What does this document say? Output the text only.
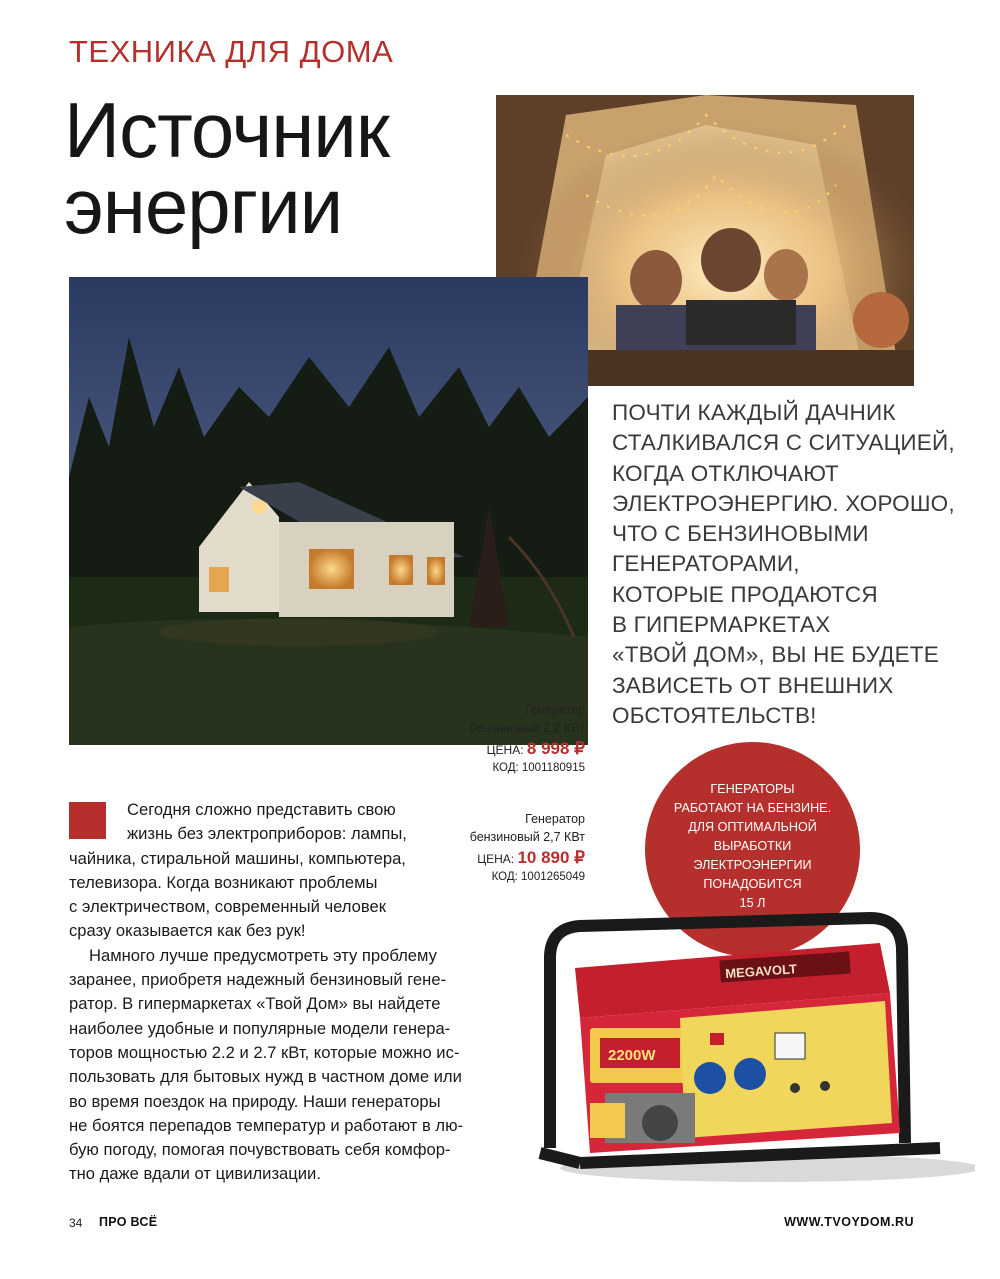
ТЕХНИКА ДЛЯ ДОМА
Источник
энергии
ПОЧТИ КАЖДЫЙ ДАЧНИК
СТАЛКИВАЛСЯ С СИТУАЦИЕЙ,
КОГДА ОТКЛЮЧАЮТ
ЭЛЕКТРОЭНЕРГИЮ. ХОРОШО,
ЧТО С БЕНЗИНОВЫМИ
ГЕНЕРАТОРАМИ,
КОТОРЫЕ ПРОДАЮТСЯ
В ГИПЕРМАРКЕТАХ
«ТВОЙ ДОМ», ВЫ НЕ БУДЕТЕ
ЗАВИСЕТЬ ОТ ВНЕШНИХ
ОБСТОЯТЕЛЬСТВ!
Генератор
бензиновый 2,2 КВт
ЦЕНА: 8 998 ₽
КОД: 1001180915
Генератор
бензиновый 2,7 КВт
ЦЕНА: 10 890 ₽
КОД: 1001265049
ГЕНЕРАТОРЫ
РАБОТАЮТ НА БЕНЗИНЕ.
ДЛЯ ОПТИМАЛЬНОЙ
ВЫРАБОТКИ
ЭЛЕКТРОЭНЕРГИИ
ПОНАДОБИТСЯ
15 Л
MEGAVOLT
2200W
Сегодня сложно представить свою
жизнь без электроприборов: лампы,
чайника, стиральной машины, компьютера,
телевизора. Когда возникают проблемы
с электричеством, современный человек
сразу оказывается как без рук!
Намного лучше предусмотреть эту проблему
заранее, приобретя надежный бензиновый гене-
ратор. В гипермаркетах «Твой Дом» вы найдете
наиболее удобные и популярные модели генера-
торов мощностью 2.2 и 2.7 кВт, которые можно ис-
пользовать для бытовых нужд в частном доме или
во время поездок на природу. Наши генераторы
не боятся перепадов температур и работают в лю-
бую погоду, помогая почувствовать себя комфор-
тно даже вдали от цивилизации.
34 ПРО ВСЁ	WWW.TVOYDOM.RU
